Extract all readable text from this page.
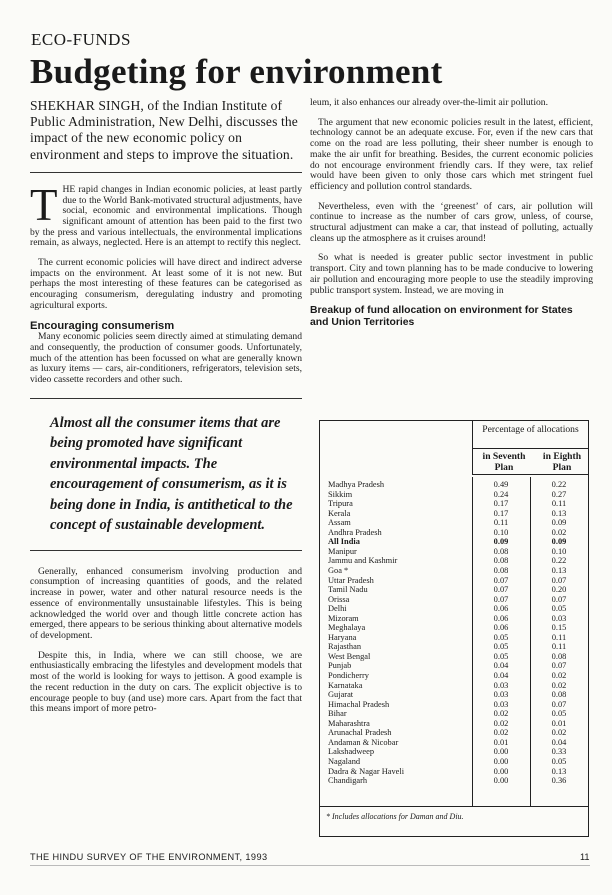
ECO-FUNDS
Budgeting for environment
SHEKHAR SINGH, of the Indian Institute of Public Administration, New Delhi, discusses the impact of the new economic policy on environment and steps to improve the situation.

THE rapid changes in Indian economic policies, at least partly due to the World Bank-motivated structural adjustments, have social, economic and environmental implications. Though significant amount of attention has been paid to the first two by the press and various intellectuals, the environmental implications remain, as always, neglected. Here is an attempt to rectify this neglect.

The current economic policies will have direct and indirect adverse impacts on the environment. At least some of it is not new. But perhaps the most interesting of these features can be categorised as encouraging consumerism, deregulating industry and promoting agricultural exports.

Encouraging consumerism

Many economic policies seem directly aimed at stimulating demand and consequently, the production of consumer goods. Unfortunately, much of the attention has been focussed on what are generally known as luxury items — cars, air-conditioners, refrigerators, television sets, video cassette recorders and other such.

Almost all the consumer items that are being promoted have significant environmental impacts. The encouragement of consumerism, as it is being done in India, is antithetical to the concept of sustainable development.

Generally, enhanced consumerism involving production and consumption of increasing quantities of goods, and the related increase in power, water and other natural resource needs is the essence of environmentally unsustainable lifestyles. This is being acknowledged the world over and though little concrete action has emerged, there appears to be serious thinking about alternative models of development.

Despite this, in India, where we can still choose, we are enthusiastically embracing the lifestyles and development models that most of the world is looking for ways to jettison. A good example is the recent reduction in the duty on cars. The explicit objective is to encourage people to buy (and use) more cars. Apart from the fact that this means import of more petro-

leum, it also enhances our already over-the-limit air pollution.

The argument that new economic policies result in the latest, efficient, technology cannot be an adequate excuse. For, even if the new cars that come on the road are less polluting, their sheer number is enough to make the air unfit for breathing. Besides, the current economic policies do not encourage environment friendly cars. If they were, tax relief would have been given to only those cars which met stringent fuel efficiency and pollution control standards.

Nevertheless, even with the ‘greenest’ of cars, air pollution will continue to increase as the number of cars grow, unless, of course, structural adjustment can make a car, that instead of polluting, actually cleans up the atmosphere as it cruises around!

So what is needed is greater public sector investment in public transport. City and town planning has to be made conducive to lowering air pollution and encouraging more people to use the steadily improving public transport system. Instead, we are moving in

Breakup of fund allocation on environment for States and Union Territories
Percentage of allocations
in Seventh Plan
in Eighth Plan
Madhya Pradesh	0.49	0.22
Sikkim	0.24	0.27
Tripura	0.17	0.11
Kerala	0.17	0.13
Assam	0.11	0.09
Andhra Pradesh	0.10	0.02
All India	0.09	0.09
Manipur	0.08	0.10
Jammu and Kashmir	0.08	0.22
Goa *	0.08	0.13
Uttar Pradesh	0.07	0.07
Tamil Nadu	0.07	0.20
Orissa	0.07	0.07
Delhi	0.06	0.05
Mizoram	0.06	0.03
Meghalaya	0.06	0.15
Haryana	0.05	0.11
Rajasthan	0.05	0.11
West Bengal	0.05	0.08
Punjab	0.04	0.07
Pondicherry	0.04	0.02
Karnataka	0.03	0.02
Gujarat	0.03	0.08
Himachal Pradesh	0.03	0.07
Bihar	0.02	0.05
Maharashtra	0.02	0.01
Arunachal Pradesh	0.02	0.02
Andaman & Nicobar	0.01	0.04
Lakshadweep	0.00	0.33
Nagaland	0.00	0.05
Dadra & Nagar Haveli	0.00	0.13
Chandigarh	0.00	0.36
* Includes allocations for Daman and Diu.
THE HINDU SURVEY OF THE ENVIRONMENT, 1993	11
